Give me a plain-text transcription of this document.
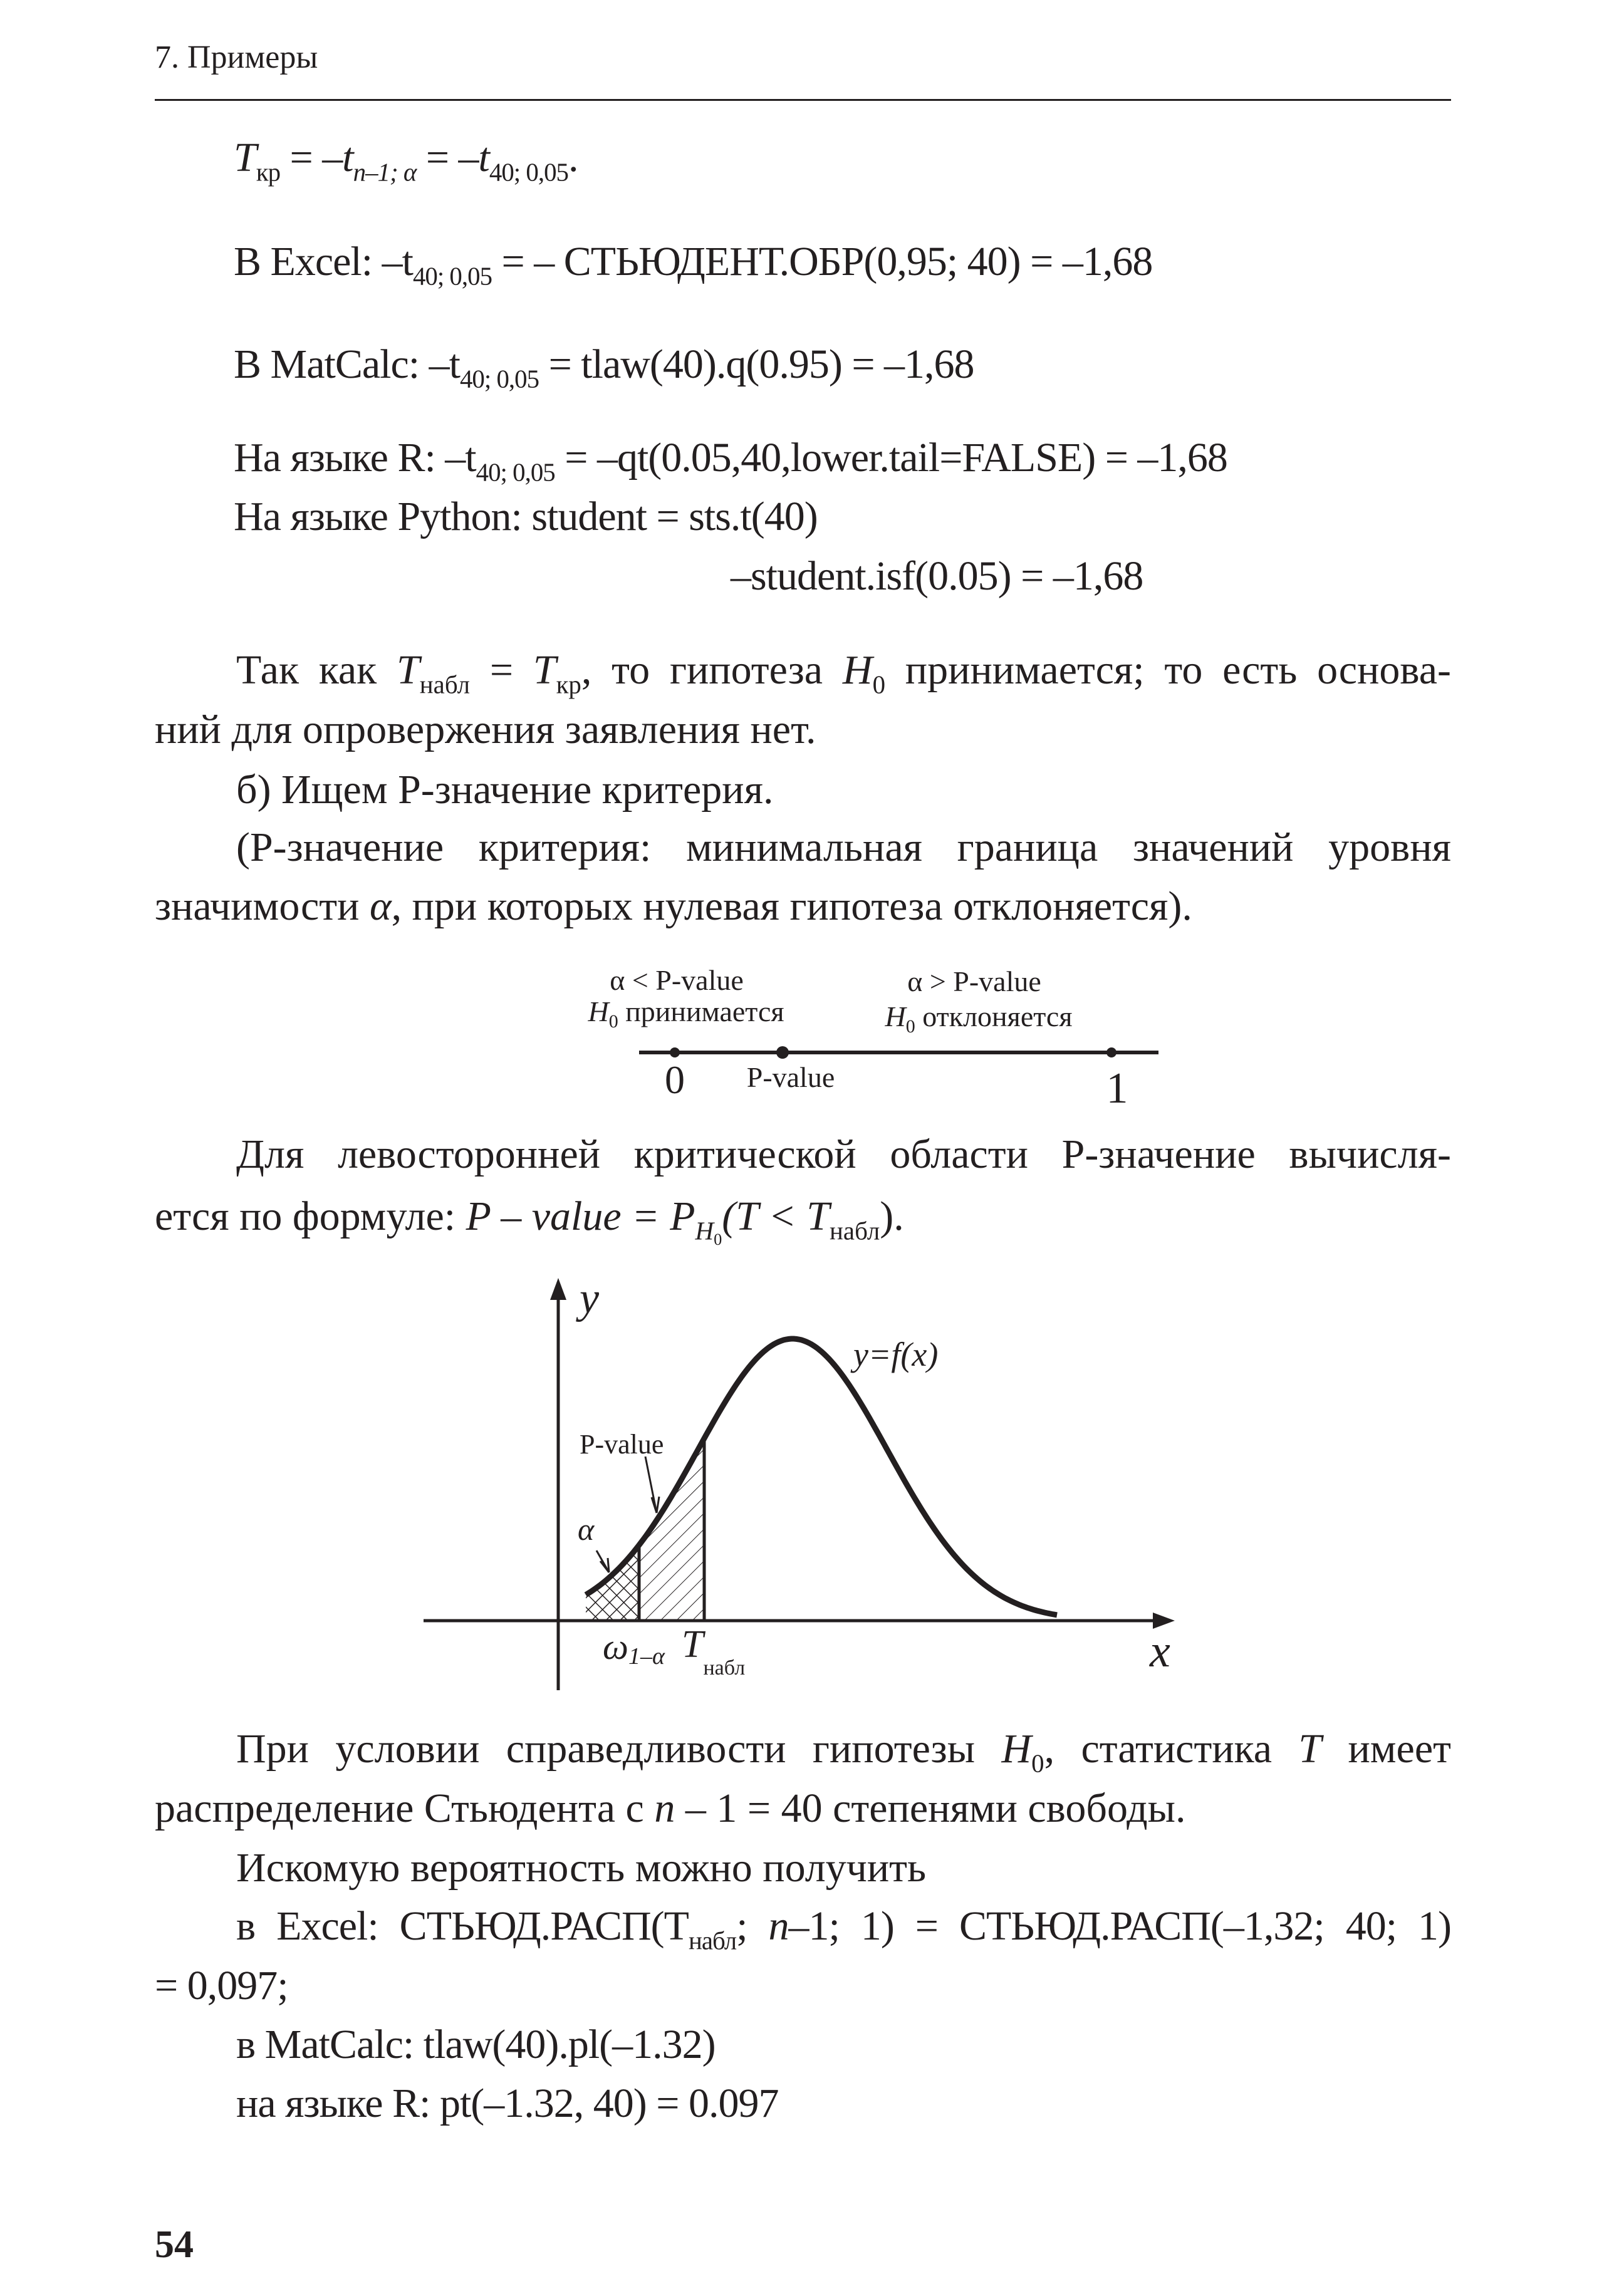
7. Примеры
$T_{кр} = -t_{n-1; \alpha} = -t_{40; 0,05}$.
В Excel: $-t_{40; 0,05}$ = – СТЬЮДЕНТ.ОБР(0,95; 40) = –1,68
В MatCalc: $-t_{40; 0,05}$ = tlaw(40).q(0.95) = –1,68
На языке R: $-t_{40; 0,05}$ = –qt(0.05,40,lower.tail=FALSE) = –1,68
На языке Python: student = sts.t(40)
–student.isf(0.05) = –1,68
Так как $T_{набл} = T_{кр}$, то гипотеза $H_0$ принимается; то есть основа-
ний для опровержения заявления нет.
б) Ищем Р-значение критерия.
(Р-значение критерия: минимальная граница значений уровня
значимости α, при которых нулевая гипотеза отклоняется).
α < P-value
$H_0$ принимается
α > P-value
$H_0$ отклоняется
0 P-value	1
Для левосторонней критической области Р-значение вычисля-
ется по формуле: P – value = $P_{H0}(T < T_{набл})$.
y
y=f(x)
P-value
α
ω1–α $T_{набл}$	x
При условии справедливости гипотезы $H_0$, статистика T имеет
распределение Стьюдента с n – 1 = 40 степенями свободы.
Искомую вероятность можно получить
в Excel: $СТЬЮД.РАСП(Т_{набл}$; n–1; 1) = СТЬЮД.РАСП(–1,32; 40; 1)
= 0,097;
в MatCalc: tlaw(40).pl(–1.32)
на языке R: pt(–1.32, 40) = 0.097
54
